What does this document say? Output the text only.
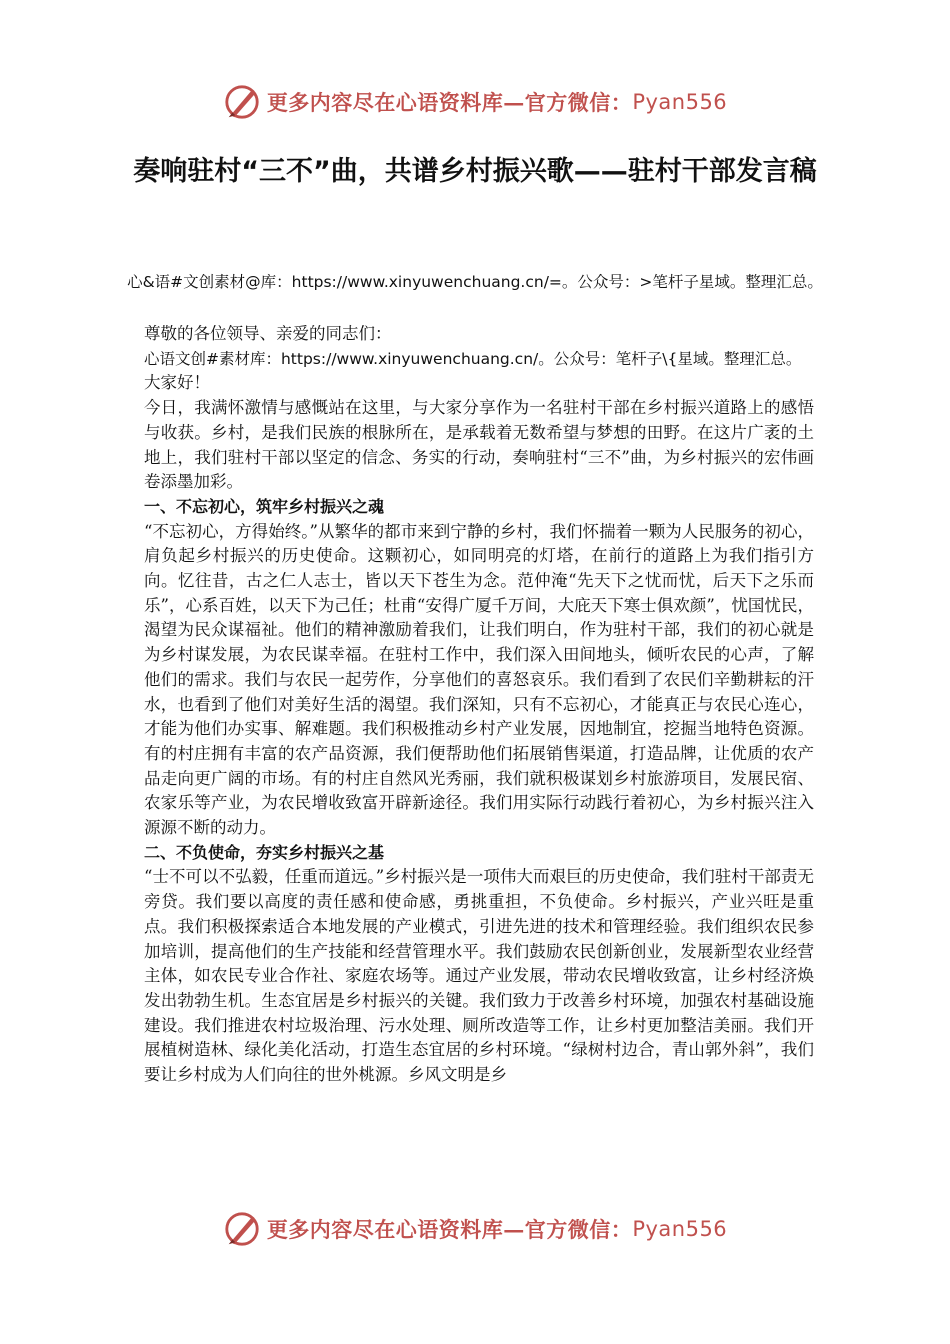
更多内容尽在心语资料库—官方微信： Pyan556
奏响驻村“三不”曲，共谱乡村振兴歌——驻村干部发言稿
心&语#文创素材@库：https://www.xinyuwenchuang.cn/=。公众号：>笔杆子星域。整理汇总。

尊敬的各位领导、亲爱的同志们：

心语文创#素材库：https://www.xinyuwenchuang.cn/。公众号：笔杆子\{星域。整理汇总。

大家好！

今日，我满怀激情与感慨站在这里，与大家分享作为一名驻村干部在乡村振兴道路上的感悟与收获。乡村，是我们民族的根脉所在，是承载着无数希望与梦想的田野。在这片广袤的土地上，我们驻村干部以坚定的信念、务实的行动，奏响驻村“三不”曲，为乡村振兴的宏伟画卷添墨加彩。

一、不忘初心，筑牢乡村振兴之魂

“不忘初心，方得始终。”从繁华的都市来到宁静的乡村，我们怀揣着一颗为人民服务的初心，肩负起乡村振兴的历史使命。这颗初心，如同明亮的灯塔，在前行的道路上为我们指引方向。忆往昔，古之仁人志士，皆以天下苍生为念。范仲淹“先天下之忧而忧，后天下之乐而乐”，心系百姓，以天下为己任；杜甫“安得广厦千万间，大庇天下寒士俱欢颜”，忧国忧民，渴望为民众谋福祉。他们的精神激励着我们，让我们明白，作为驻村干部，我们的初心就是为乡村谋发展，为农民谋幸福。在驻村工作中，我们深入田间地头，倾听农民的心声，了解他们的需求。我们与农民一起劳作，分享他们的喜怒哀乐。我们看到了农民们辛勤耕耘的汗水，也看到了他们对美好生活的渴望。我们深知，只有不忘初心，才能真正与农民心连心，才能为他们办实事、解难题。我们积极推动乡村产业发展，因地制宜，挖掘当地特色资源。有的村庄拥有丰富的农产品资源，我们便帮助他们拓展销售渠道，打造品牌，让优质的农产品走向更广阔的市场。有的村庄自然风光秀丽，我们就积极谋划乡村旅游项目，发展民宿、农家乐等产业，为农民增收致富开辟新途径。我们用实际行动践行着初心，为乡村振兴注入源源不断的动力。

二、不负使命，夯实乡村振兴之基

“士不可以不弘毅，任重而道远。”乡村振兴是一项伟大而艰巨的历史使命，我们驻村干部责无旁贷。我们要以高度的责任感和使命感，勇挑重担，不负使命。乡村振兴，产业兴旺是重点。我们积极探索适合本地发展的产业模式，引进先进的技术和管理经验。我们组织农民参加培训，提高他们的生产技能和经营管理水平。我们鼓励农民创新创业，发展新型农业经营主体，如农民专业合作社、家庭农场等。通过产业发展，带动农民增收致富，让乡村经济焕发出勃勃生机。生态宜居是乡村振兴的关键。我们致力于改善乡村环境，加强农村基础设施建设。我们推进农村垃圾治理、污水处理、厕所改造等工作，让乡村更加整洁美丽。我们开展植树造林、绿化美化活动，打造生态宜居的乡村环境。“绿树村边合，青山郭外斜”，我们要让乡村成为人们向往的世外桃源。乡风文明是乡

更多内容尽在心语资料库—官方微信： Pyan556
